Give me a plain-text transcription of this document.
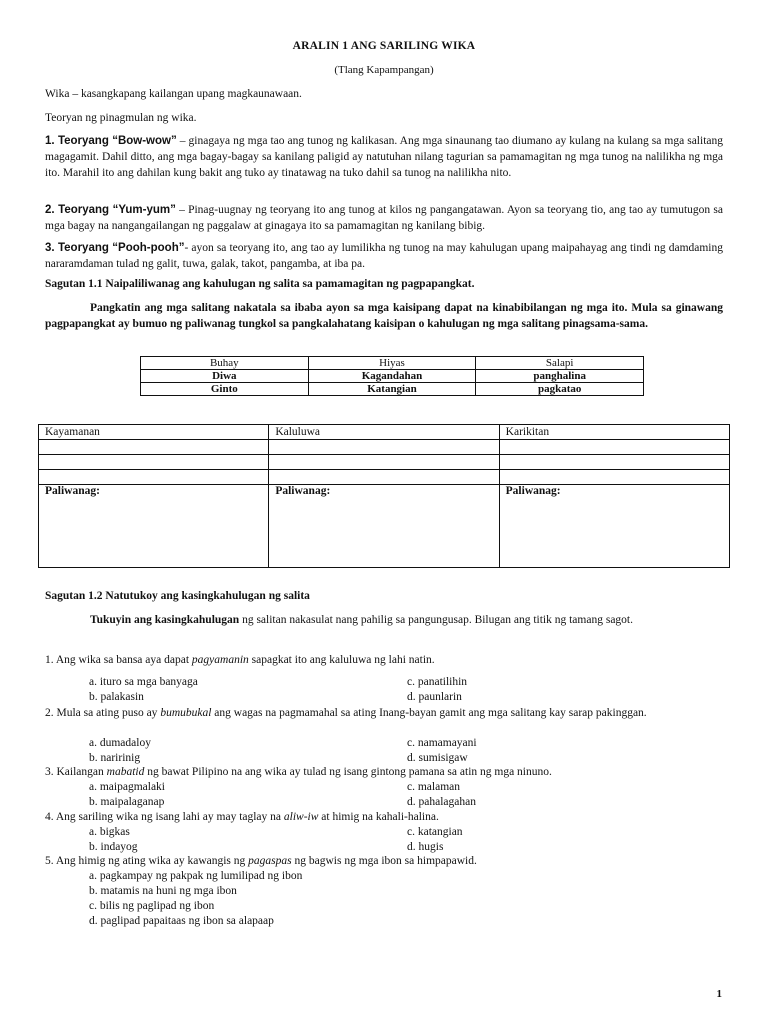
ARALIN 1 ANG SARILING WIKA
(Tlang Kapampangan)
Wika – kasangkapang kailangan upang magkaunawaan.
Teoryan ng pinagmulan ng wika.
1. Teoryang “Bow-wow” – ginagaya ng mga tao ang tunog ng kalikasan. Ang mga sinaunang tao diumano ay kulang na kulang sa mga salitang magagamit. Dahil ditto, ang mga bagay-bagay sa kanilang paligid ay natutuhan nilang tagurian sa pamamagitan ng mga tunog na nalilikha ng mga ito. Marahil ito ang dahilan kung bakit ang tuko ay tinatawag na tuko dahil sa tunog na nalilikha nito.
2. Teoryang “Yum-yum” – Pinag-uugnay ng teoryang ito ang tunog at kilos ng pangangatawan. Ayon sa teoryang tio, ang tao ay tumutugon sa mga bagay na nangangailangan ng paggalaw at ginagaya ito sa pamamagitan ng kanilang bibig.
3. Teoryang “Pooh-pooh”- ayon sa teoryang ito, ang tao ay lumilikha ng tunog na may kahulugan upang maipahayag ang tindi ng damdaming nararamdaman tulad ng galit, tuwa, galak, takot, pangamba, at iba pa.
Sagutan 1.1 Naipaliliwanag ang kahulugan ng salita sa pamamagitan ng pagpapangkat.
Pangkatin ang mga salitang nakatala sa ibaba ayon sa mga kaisipang dapat na kinabibilangan ng mga ito. Mula sa ginawang pagpapangkat ay bumuo ng paliwanag tungkol sa pangkalahatang kaisipan o kahulugan ng mga salitang pinagsama-sama.
Buhay	Hiyas	Salapi
Diwa	Kagandahan	panghalina
Ginto	Katangian	pagkatao
Kayamanan	Kaluluwa	Karikitan

Paliwanag:	Paliwanag:	Paliwanag:
Sagutan 1.2 Natutukoy ang kasingkahulugan ng salita
Tukuyin ang kasingkahulugan ng salitan nakasulat nang pahilig sa pangungusap. Bilugan ang titik ng tamang sagot.
1. Ang wika sa bansa aya dapat pagyamanin sapagkat ito ang kaluluwa ng lahi natin.
a. ituro sa mga banyaga	c. panatilihin
b. palakasin	d. paunlarin
2. Mula sa ating puso ay bumubukal ang wagas na pagmamahal sa ating Inang-bayan gamit ang mga salitang kay sarap pakinggan.
a. dumadaloy	c. namamayani
b. naririnig	d. sumisigaw
3. Kailangan mabatid ng bawat Pilipino na ang wika ay tulad ng isang gintong pamana sa atin ng mga ninuno.
a. maipagmalaki	c. malaman
b. maipalaganap	d. pahalagahan
4. Ang sariling wika ng isang lahi ay may taglay na aliw-iw at himig na kahali-halina.
a. bigkas	c. katangian
b. indayog	d. hugis
5. Ang himig ng ating wika ay kawangis ng pagaspas ng bagwis ng mga ibon sa himpapawid.
a. pagkampay ng pakpak ng lumilipad ng ibon
b. matamis na huni ng mga ibon
c. bilis ng paglipad ng ibon
d. paglipad papaitaas ng ibon sa alapaap
1
